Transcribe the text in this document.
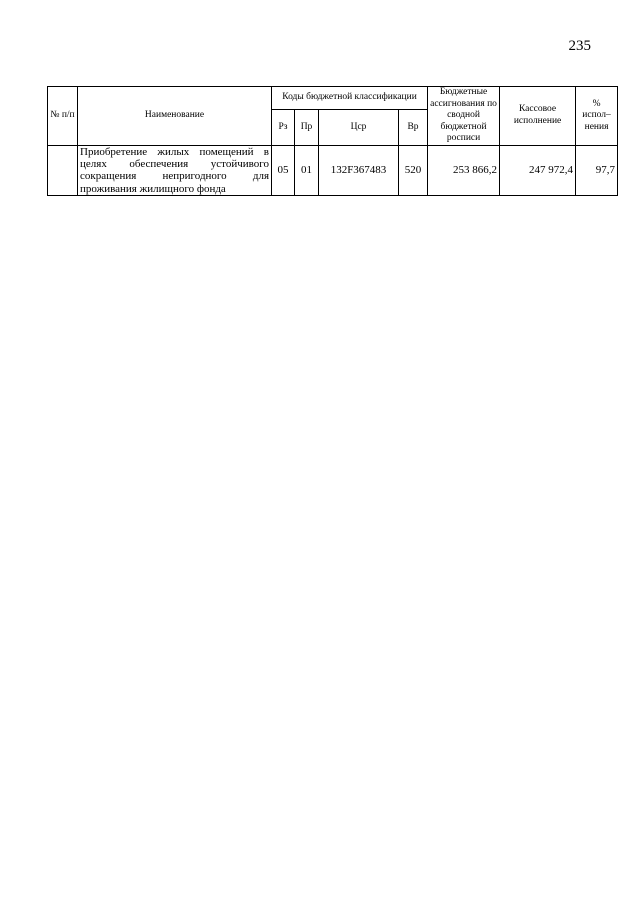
235
№ п/п	Наименование	Коды бюджетной классификации				Бюджетные ассигнования по сводной бюджетной росписи	Кассовое исполнение	% испол– нения
		Рз	Пр	Цср	Вр			
	Приобретение жилых помещений в целях обеспечения устойчивого сокращения непригодного для проживания жилищного фонда	05	01	132F367483	520	253 866,2	247 972,4	97,7
